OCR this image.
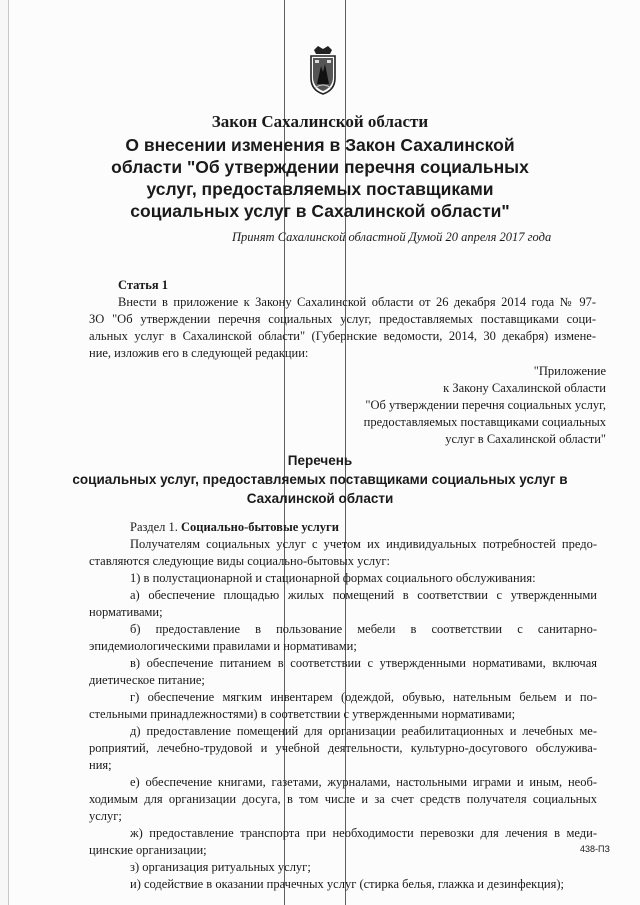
Закон Сахалинской области
О внесении изменения в Закон Сахалинской
области "Об утверждении перечня социальных
услуг, предоставляемых поставщиками
социальных услуг в Сахалинской области"
Принят Сахалинской областной Думой 20 апреля 2017 года
Статья 1
Внести в приложение к Закону Сахалинской области от 26 декабря 2014 года № 97-
ЗО "Об утверждении перечня социальных услуг, предоставляемых поставщиками соци-
альных услуг в Сахалинской области" (Губернские ведомости, 2014, 30 декабря) измене-
ние, изложив его в следующей редакции:
"Приложение
к Закону Сахалинской области
"Об утверждении перечня социальных услуг,
предоставляемых поставщиками социальных
услуг в Сахалинской области"
Перечень
социальных услуг, предоставляемых поставщиками социальных услуг в
Сахалинской области
Раздел 1. Социально-бытовые услуги
Получателям социальных услуг с учетом их индивидуальных потребностей предо-
ставляются следующие виды социально-бытовых услуг:
1) в полустационарной и стационарной формах социального обслуживания:
а) обеспечение площадью жилых помещений в соответствии с утвержденными
нормативами;
б) предоставление в пользование мебели в соответствии с санитарно-
эпидемиологическими правилами и нормативами;
в) обеспечение питанием в соответствии с утвержденными нормативами, включая
диетическое питание;
г) обеспечение мягким инвентарем (одеждой, обувью, нательным бельем и по-
стельными принадлежностями) в соответствии с утвержденными нормативами;
д) предоставление помещений для организации реабилитационных и лечебных ме-
роприятий, лечебно-трудовой и учебной деятельности, культурно-досугового обслужива-
ния;
е) обеспечение книгами, газетами, журналами, настольными играми и иным, необ-
ходимым для организации досуга, в том числе и за счет средств получателя социальных
услуг;
ж) предоставление транспорта при необходимости перевозки для лечения в меди-
цинские организации;
з) организация ритуальных услуг;
и) содействие в оказании прачечных услуг (стирка белья, глажка и дезинфекция);
438-ПЗ
